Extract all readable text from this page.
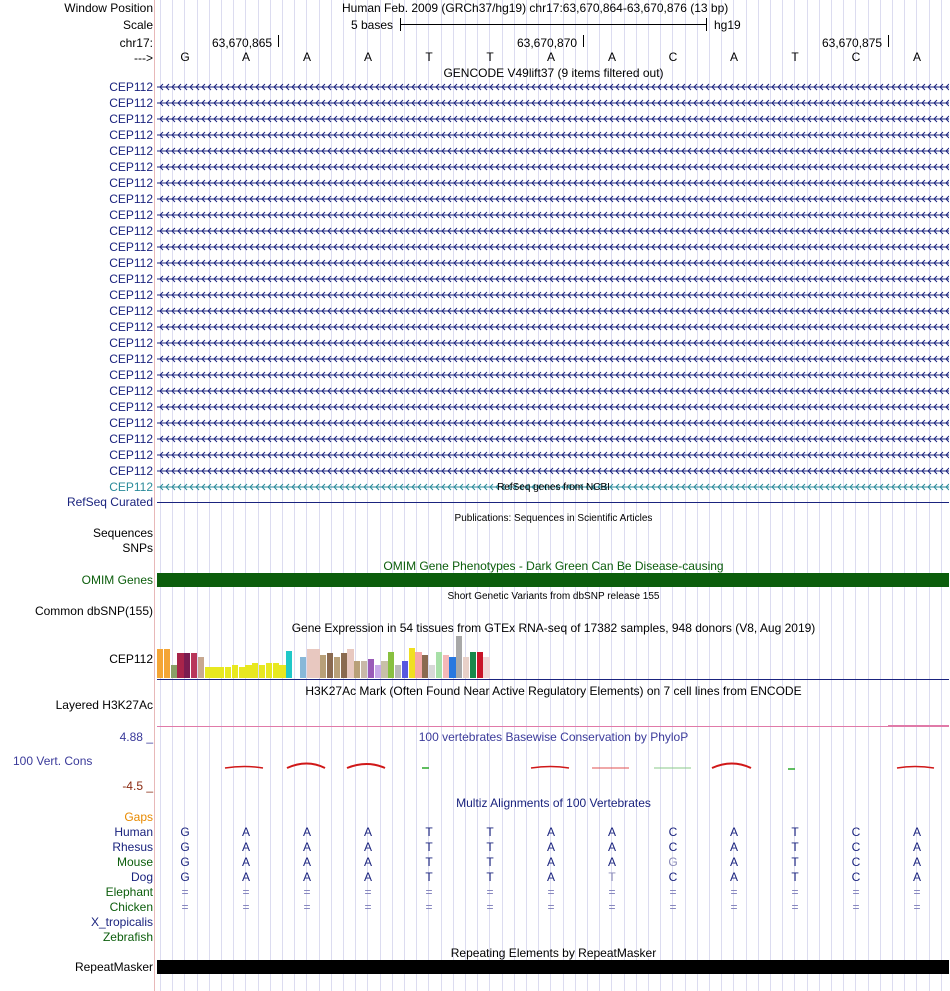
Window Position	Human Feb. 2009 (GRCh37/hg19) chr17:63,670,864-63,670,876 (13 bp)
Scale	5 bases	hg19
chr17:	63,670,865	63,670,870	63,670,875
---> G	A	A	A	T	T	A	A	C	A	T	C	A
GENCODE V49lift37 (9 items filtered out)
CEP112
CEP112
CEP112
CEP112
CEP112
CEP112
CEP112
CEP112
CEP112
CEP112
CEP112
CEP112
CEP112
CEP112
CEP112
CEP112
CEP112
CEP112
CEP112
CEP112
CEP112
CEP112
CEP112
CEP112
CEP112
CEP112	RefSeq genes from NCBI
RefSeq Curated
Publications: Sequences in Scientific Articles
Sequences
SNPs
OMIM Gene Phenotypes - Dark Green Can Be Disease-causing
OMIM Genes
Short Genetic Variants from dbSNP release 155
Common dbSNP(155)
Gene Expression in 54 tissues from GTEx RNA-seq of 17382 samples, 948 donors (V8, Aug 2019)
CEP112
H3K27Ac Mark (Often Found Near Active Regulatory Elements) on 7 cell lines from ENCODE
Layered H3K27Ac
100 vertebrates Basewise Conservation by PhyloP
4.88 _
100 Vert. Cons
-4.5 _
Multiz Alignments of 100 Vertebrates
Gaps
Human G	A	A	A	T	T	A	A	C	A	T	C	A
Rhesus G	A	A	A	T	T	A	A	C	A	T	C	A
Mouse G	A	A	A	T	T	A	A	G	A	T	C	A
Dog G	A	A	A	T	T	A	T	C	A	T	C	A
Elephant	=	=	=	=	=	=	=	=	=	=	=	=	=
Chicken	=	=	=	=	=	=	=	=	=	=	=	=	=
X_tropicalis
Zebrafish
Repeating Elements by RepeatMasker
RepeatMasker
